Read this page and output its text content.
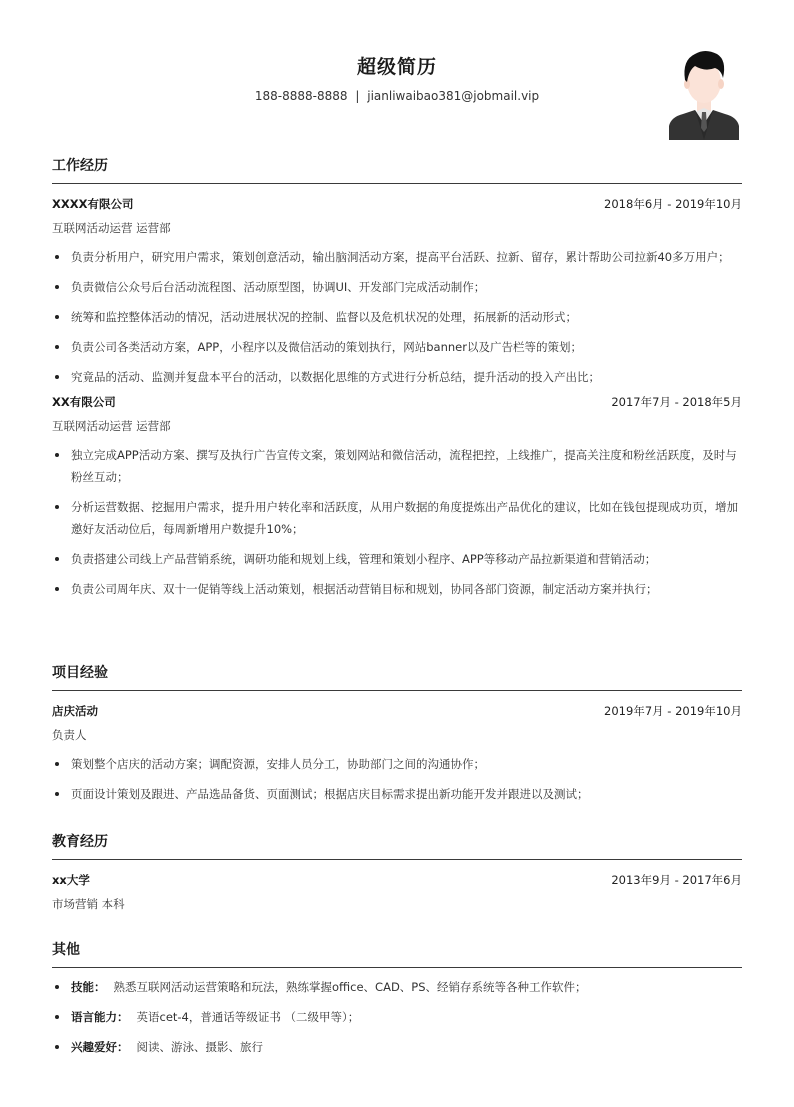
超级简历
188-8888-8888 | jianliwaibao381@jobmail.vip
工作经历
XXXX有限公司	2018年6月 - 2019年10月
互联网活动运营 运营部
负责分析用户，研究用户需求，策划创意活动，输出脑洞活动方案，提高平台活跃、拉新、留存，累计帮助公司拉新40多万用户；
负责微信公众号后台活动流程图、活动原型图，协调UI、开发部门完成活动制作；
统筹和监控整体活动的情况，活动进展状况的控制、监督以及危机状况的处理，拓展新的活动形式；
负责公司各类活动方案，APP，小程序以及微信活动的策划执行，网站banner以及广告栏等的策划；
究竟品的活动、监测并复盘本平台的活动，以数据化思维的方式进行分析总结，提升活动的投入产出比；
XX有限公司	2017年7月 - 2018年5月
互联网活动运营 运营部
独立完成APP活动方案、撰写及执行广告宣传文案，策划网站和微信活动，流程把控，上线推广，提高关注度和粉丝活跃度，及时与粉丝互动；
分析运营数据、挖掘用户需求，提升用户转化率和活跃度，从用户数据的角度提炼出产品优化的建议，比如在钱包提现成功页，增加邀好友活动位后，每周新增用户数提升10%；
负责搭建公司线上产品营销系统，调研功能和规划上线，管理和策划小程序、APP等移动产品拉新渠道和营销活动；
负责公司周年庆、双十一促销等线上活动策划，根据活动营销目标和规划，协同各部门资源，制定活动方案并执行；
项目经验
店庆活动	2019年7月 - 2019年10月
负责人
策划整个店庆的活动方案；调配资源，安排人员分工，协助部门之间的沟通协作；
页面设计策划及跟进、产品选品备货、页面测试；根据店庆目标需求提出新功能开发并跟进以及测试；
教育经历
xx大学	2013年9月 - 2017年6月
市场营销 本科
其他
技能： 熟悉互联网活动运营策略和玩法，熟练掌握office、CAD、PS、经销存系统等各种工作软件；
语言能力： 英语cet-4，普通话等级证书 （二级甲等）；
兴趣爱好： 阅读、游泳、摄影、旅行
